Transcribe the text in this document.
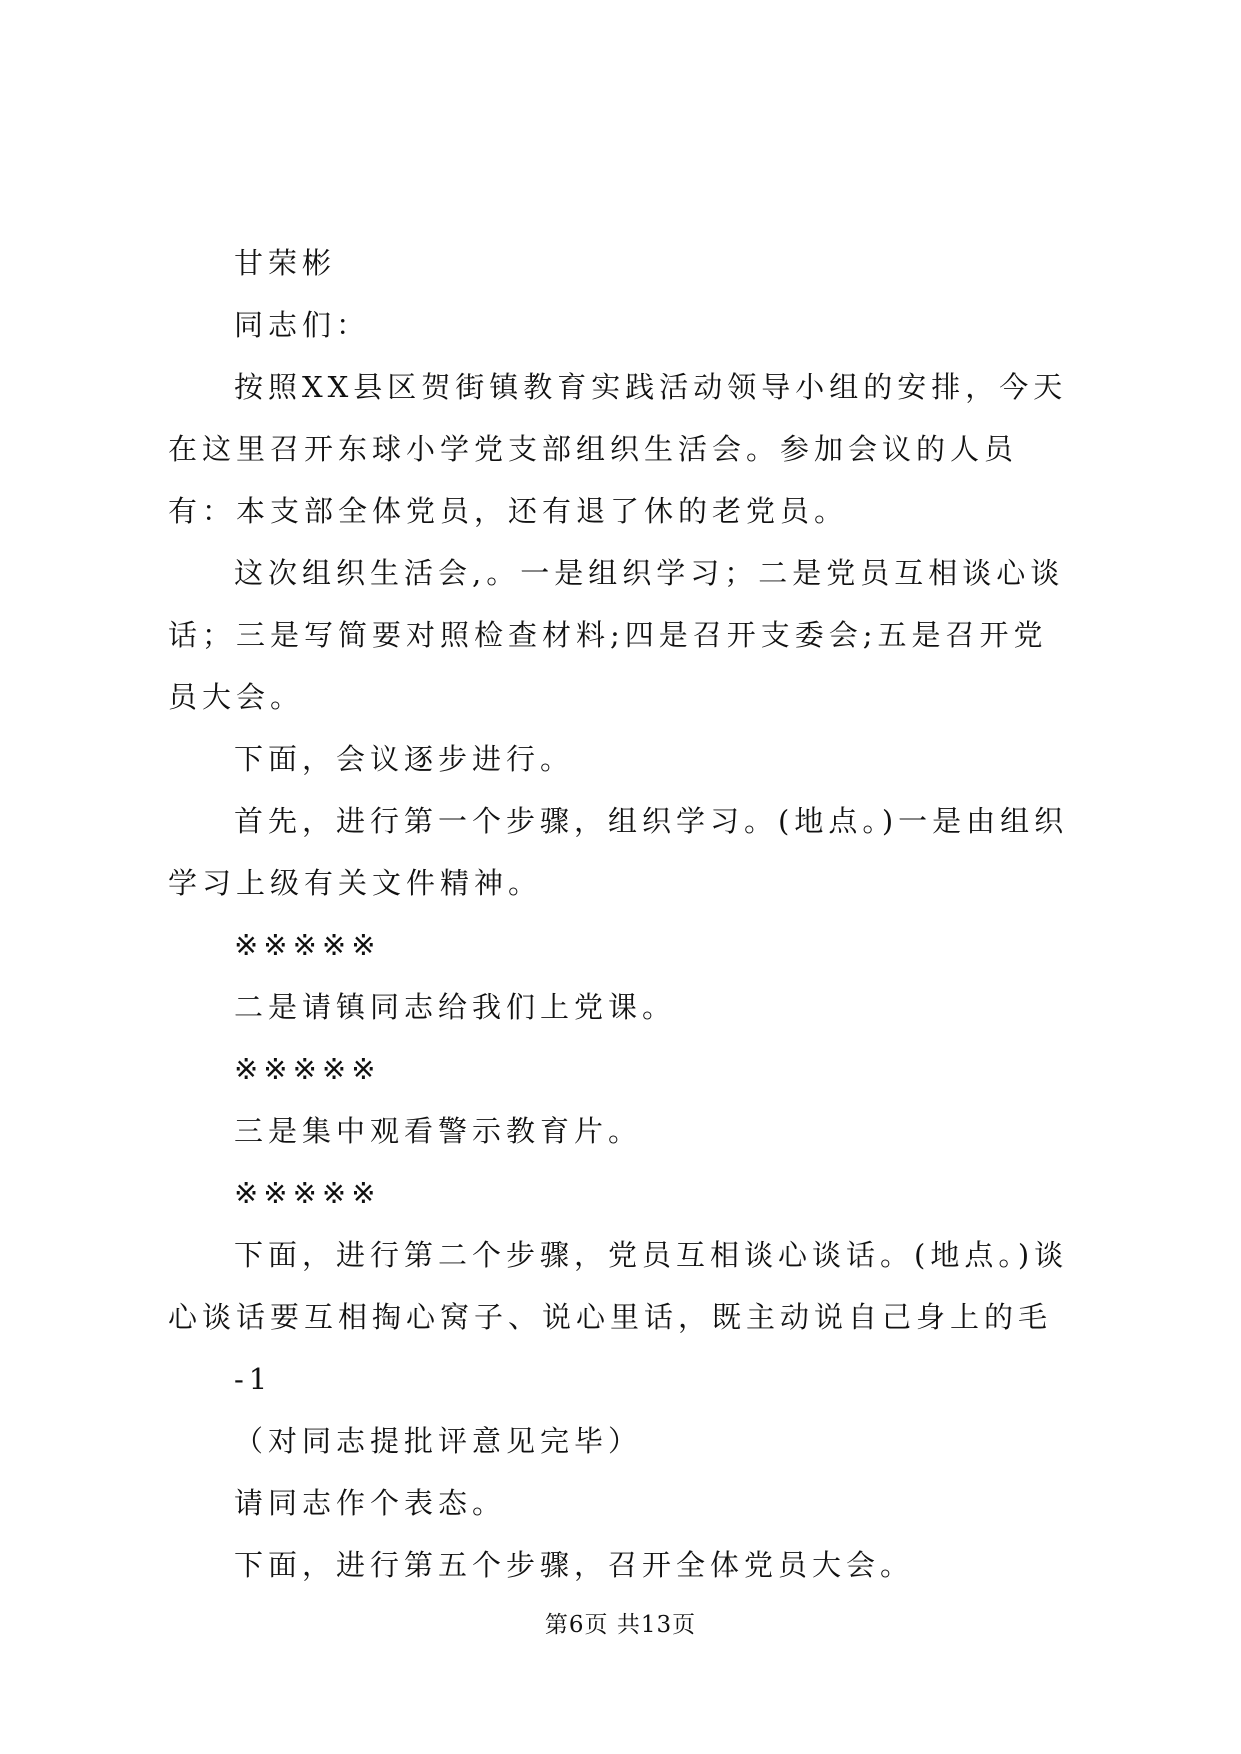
甘荣彬

同志们：

按照XX县区贺街镇教育实践活动领导小组的安排，今天在这里召开东球小学党支部组织生活会。参加会议的人员有：本支部全体党员，还有退了休的老党员。

这次组织生活会,。一是组织学习；二是党员互相谈心谈话；三是写简要对照检查材料;四是召开支委会;五是召开党员大会。

下面，会议逐步进行。

首先，进行第一个步骤，组织学习。(地点。)一是由组织学习上级有关文件精神。

※※※※※

二是请镇同志给我们上党课。

※※※※※

三是集中观看警示教育片。

※※※※※

下面，进行第二个步骤，党员互相谈心谈话。(地点。)谈心谈话要互相掏心窝子、说心里话，既主动说自己身上的毛

-1

（对同志提批评意见完毕）

请同志作个表态。

下面，进行第五个步骤，召开全体党员大会。

第6页 共13页
